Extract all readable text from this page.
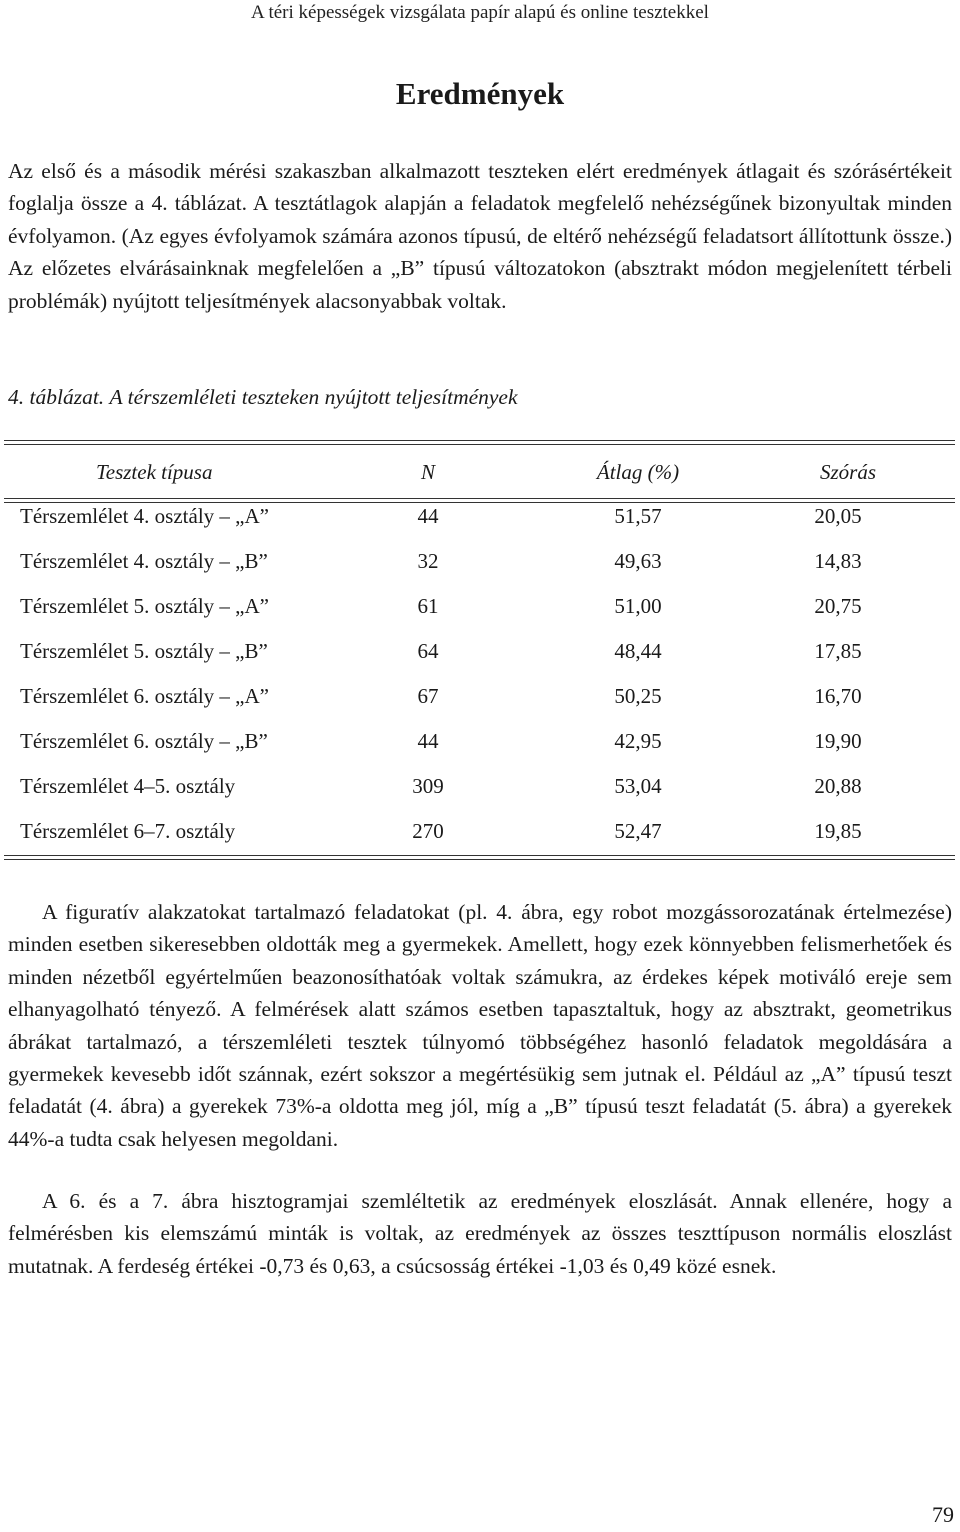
A téri képességek vizsgálata papír alapú és online tesztekkel
Eredmények

Az első és a második mérési szakaszban alkalmazott teszteken elért eredmények átlagait és szórásértékeit foglalja össze a 4. táblázat. A tesztátlagok alapján a feladatok megfelelő nehézségűnek bizonyultak minden évfolyamon. (Az egyes évfolyamok számára azonos típusú, de eltérő nehézségű feladatsort állítottunk össze.) Az előzetes elvárásainknak megfelelően a „B” típusú változatokon (absztrakt módon megjelenített térbeli problémák) nyújtott teljesítmények alacsonyabbak voltak.

4. táblázat. A térszemléleti teszteken nyújtott teljesítmények
Tesztek típusa	N	Átlag (%)	Szórás
Térszemlélet 4. osztály – „A”	44	51,57	20,05
Térszemlélet 4. osztály – „B”	32	49,63	14,83
Térszemlélet 5. osztály – „A”	61	51,00	20,75
Térszemlélet 5. osztály – „B”	64	48,44	17,85
Térszemlélet 6. osztály – „A”	67	50,25	16,70
Térszemlélet 6. osztály – „B”	44	42,95	19,90
Térszemlélet 4–5. osztály	309	53,04	20,88
Térszemlélet 6–7. osztály	270	52,47	19,85

A figuratív alakzatokat tartalmazó feladatokat (pl. 4. ábra, egy robot mozgássorozatának értelmezése) minden esetben sikeresebben oldották meg a gyermekek. Amellett, hogy ezek könnyebben felismerhetőek és minden nézetből egyértelműen beazonosíthatóak voltak számukra, az érdekes képek motiváló ereje sem elhanyagolható tényező. A felmérések alatt számos esetben tapasztaltuk, hogy az absztrakt, geometrikus ábrákat tartalmazó, a térszemléleti tesztek túlnyomó többségéhez hasonló feladatok megoldására a gyermekek kevesebb időt szánnak, ezért sokszor a megértésükig sem jutnak el. Például az „A” típusú teszt feladatát (4. ábra) a gyerekek 73%-a oldotta meg jól, míg a „B” típusú teszt feladatát (5. ábra) a gyerekek 44%-a tudta csak helyesen megoldani.

A 6. és a 7. ábra hisztogramjai szemléltetik az eredmények eloszlását. Annak ellenére, hogy a felmérésben kis elemszámú minták is voltak, az eredmények az összes teszttípuson normális eloszlást mutatnak. A ferdeség értékei -0,73 és 0,63, a csúcsosság értékei -1,03 és 0,49 közé esnek.

79
